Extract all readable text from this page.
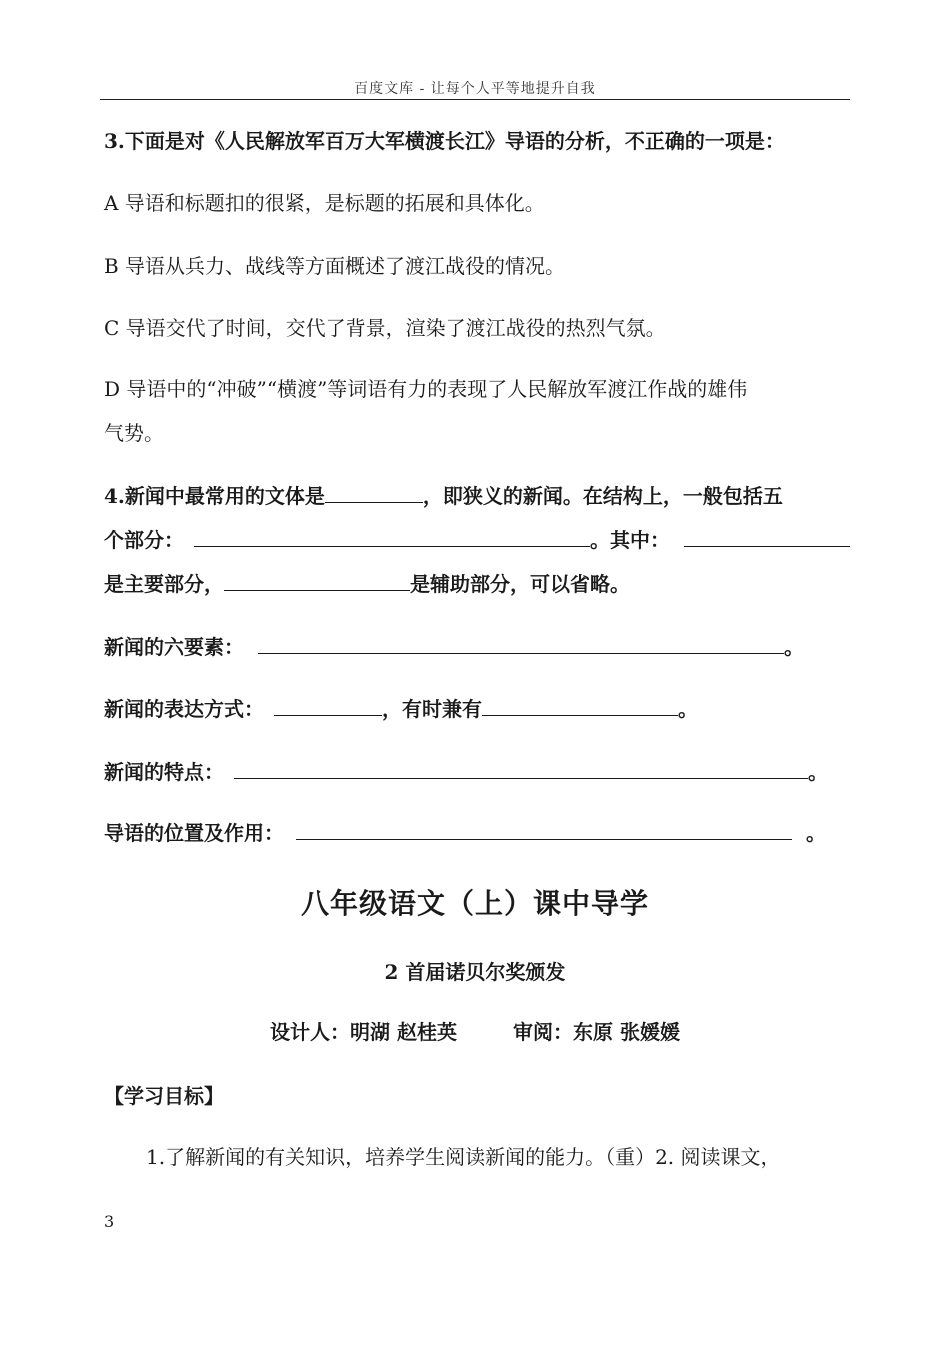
百度文库 - 让每个人平等地提升自我
3.下面是对《人民解放军百万大军横渡长江》导语的分析，不正确的一项是：
A 导语和标题扣的很紧，是标题的拓展和具体化。
B 导语从兵力、战线等方面概述了渡江战役的情况。
C 导语交代了时间，交代了背景，渲染了渡江战役的热烈气氛。
D 导语中的“冲破”“横渡”等词语有力的表现了人民解放军渡江作战的雄伟
气势。
4.新闻中最常用的文体是	，即狭义的新闻。在结构上，一般包括五
个部分：	。其中：
是主要部分，	是辅助部分，可以省略。
新闻的六要素：	。
新闻的表达方式：	，有时兼有	。
新闻的特点：	。
导语的位置及作用：	。
八年级语文（上）课中导学
2 首届诺贝尔奖颁发
设计人：明湖 赵桂英	审阅：东原 张媛媛
【学习目标】
1.了解新闻的有关知识，培养学生阅读新闻的能力。（重）2. 阅读课文，
3
